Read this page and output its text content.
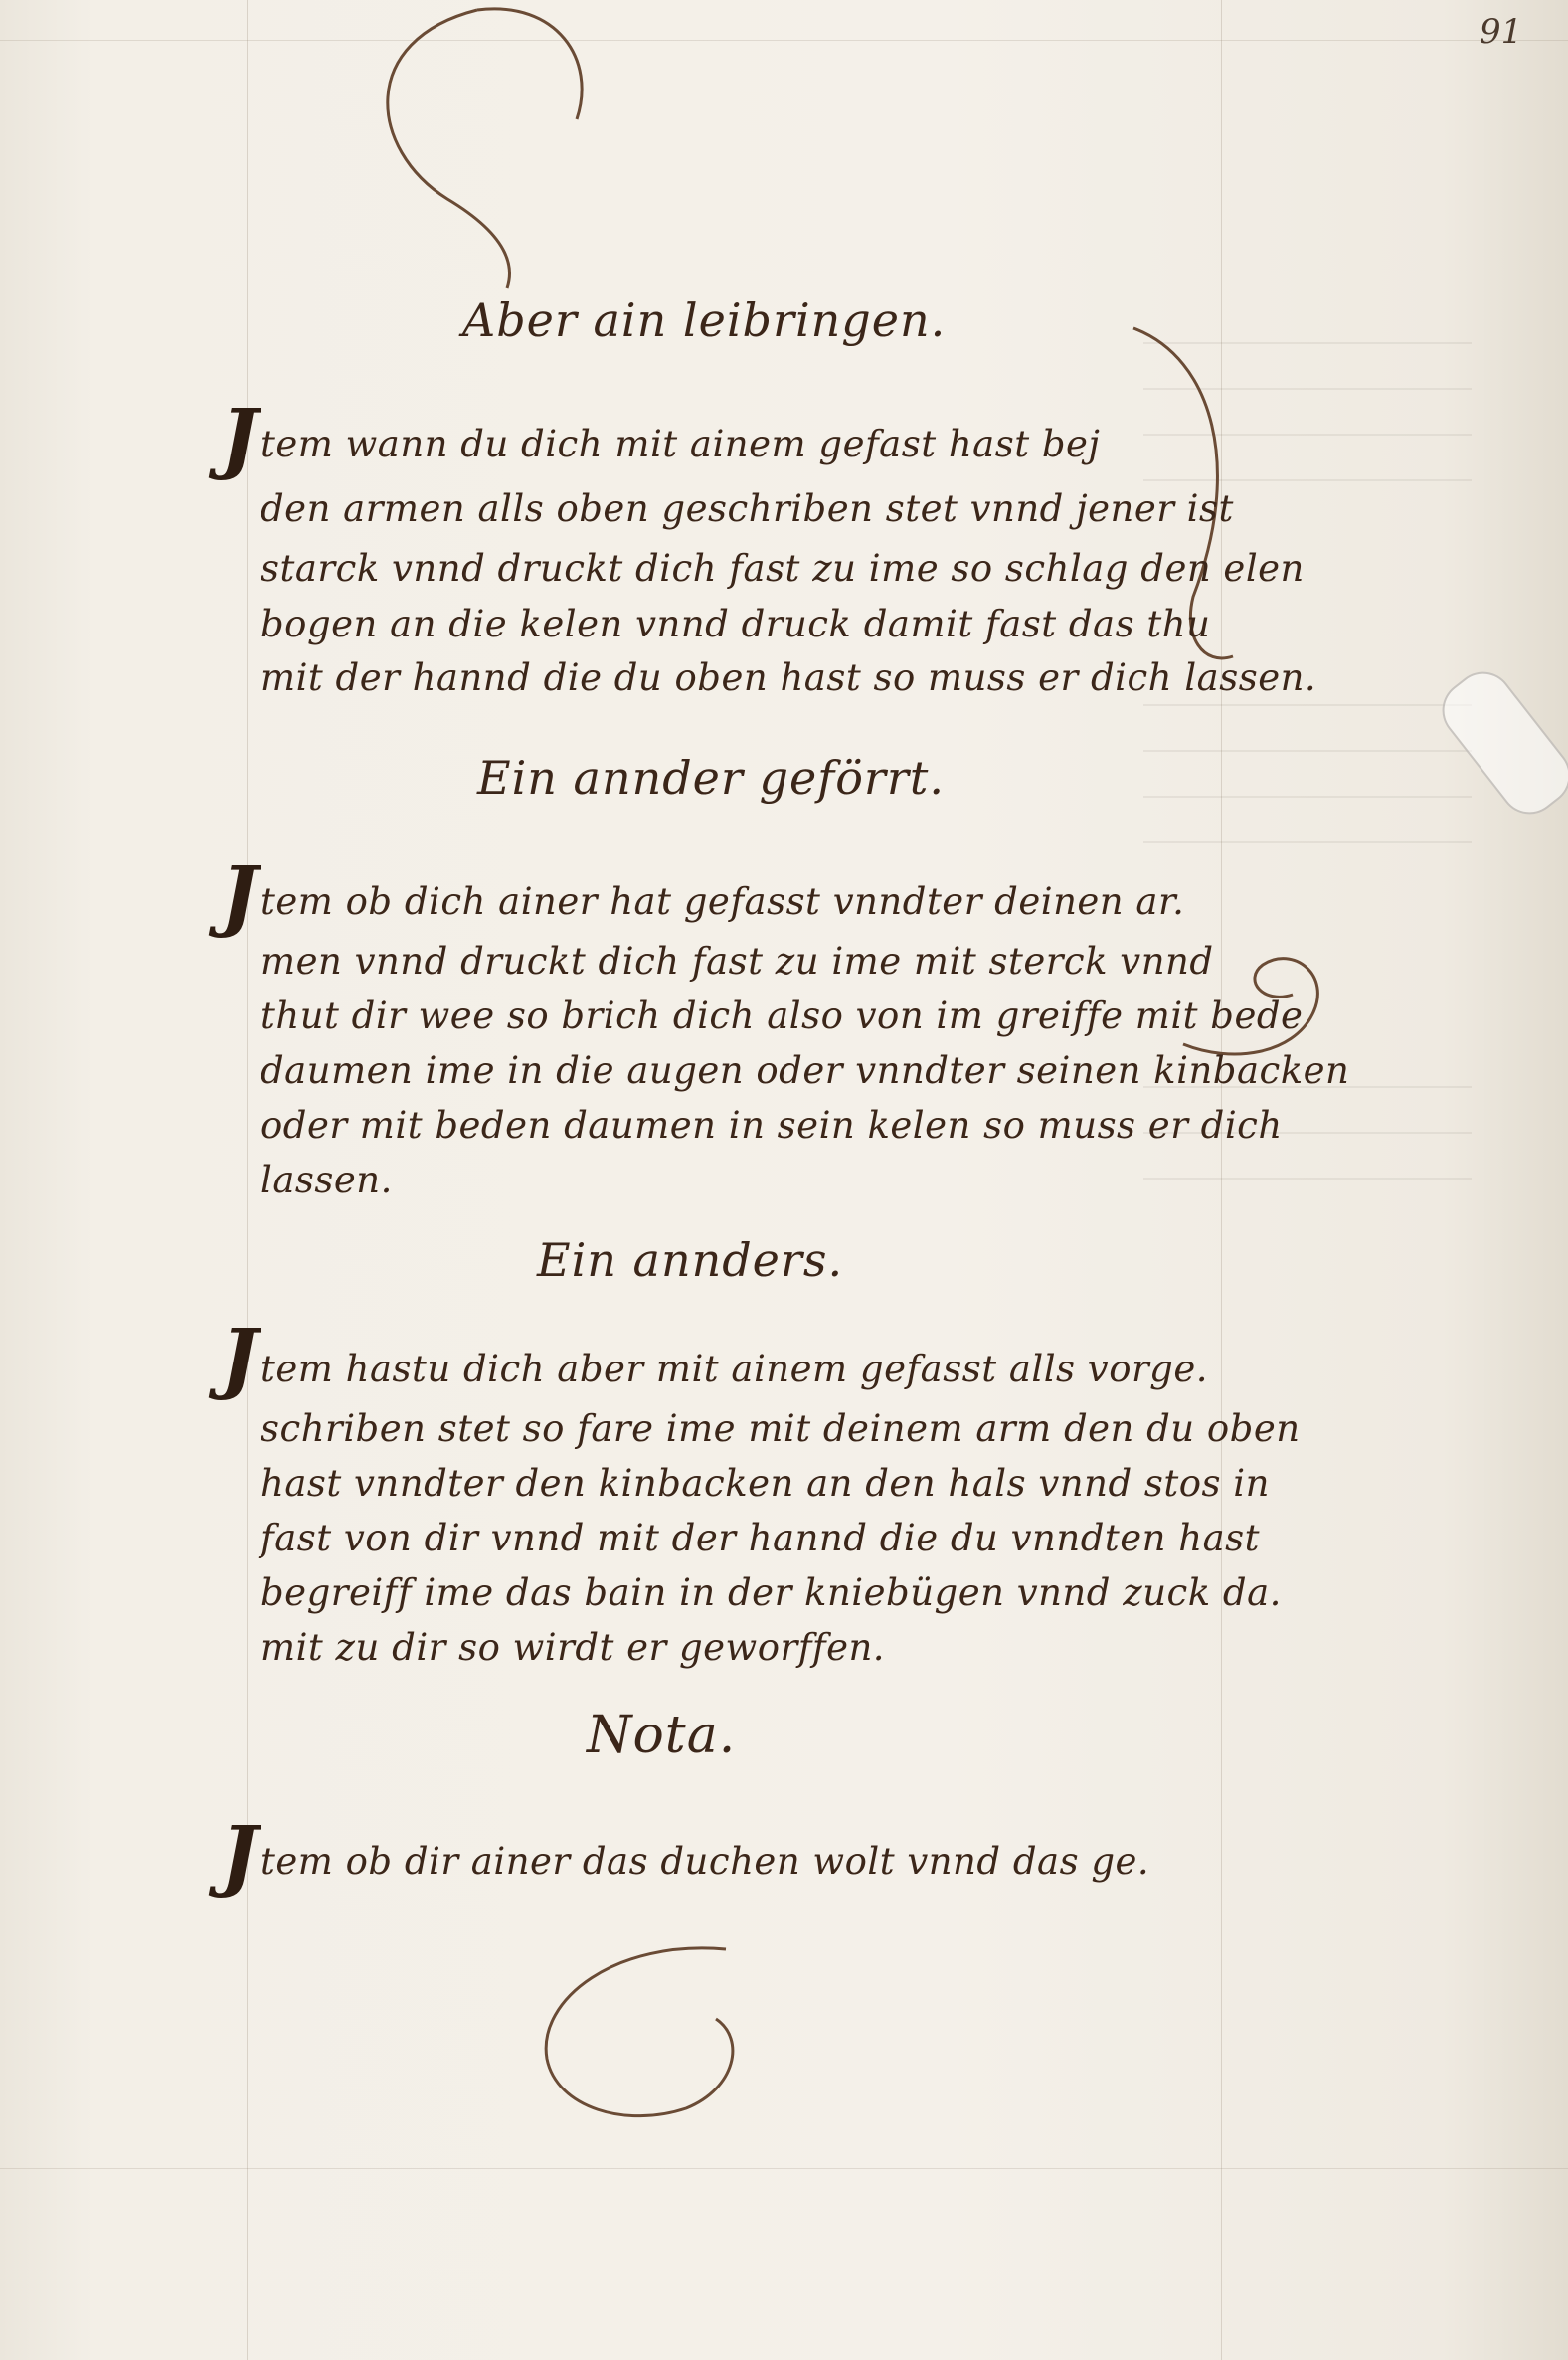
91
Aber ain leibringen.
J tem wann du dich mit ainem gefast hast bej
den armen alls oben geschriben stet vnnd jener ist
starck vnnd druckt dich fast zu ime so schlag den elen
bogen an die kelen vnnd druck damit fast das thu
mit der hannd die du oben hast so muss er dich lassen.
Ein annder geförrt.
J tem ob dich ainer hat gefasst vnndter deinen ar.
men vnnd druckt dich fast zu ime mit sterck vnnd
thut dir wee so brich dich also von im greiffe mit bede
daumen ime in die augen oder vnndter seinen kinbacken
oder mit beden daumen in sein kelen so muss er dich
lassen.
Ein annders.
J tem hastu dich aber mit ainem gefasst alls vorge.
schriben stet so fare ime mit deinem arm den du oben
hast vnndter den kinbacken an den hals vnnd stos in
fast von dir vnnd mit der hannd die du vnndten hast
begreiff ime das bain in der kniebügen vnnd zuck da.
mit zu dir so wirdt er geworffen.
Nota.
J tem ob dir ainer das duchen wolt vnnd das ge.
